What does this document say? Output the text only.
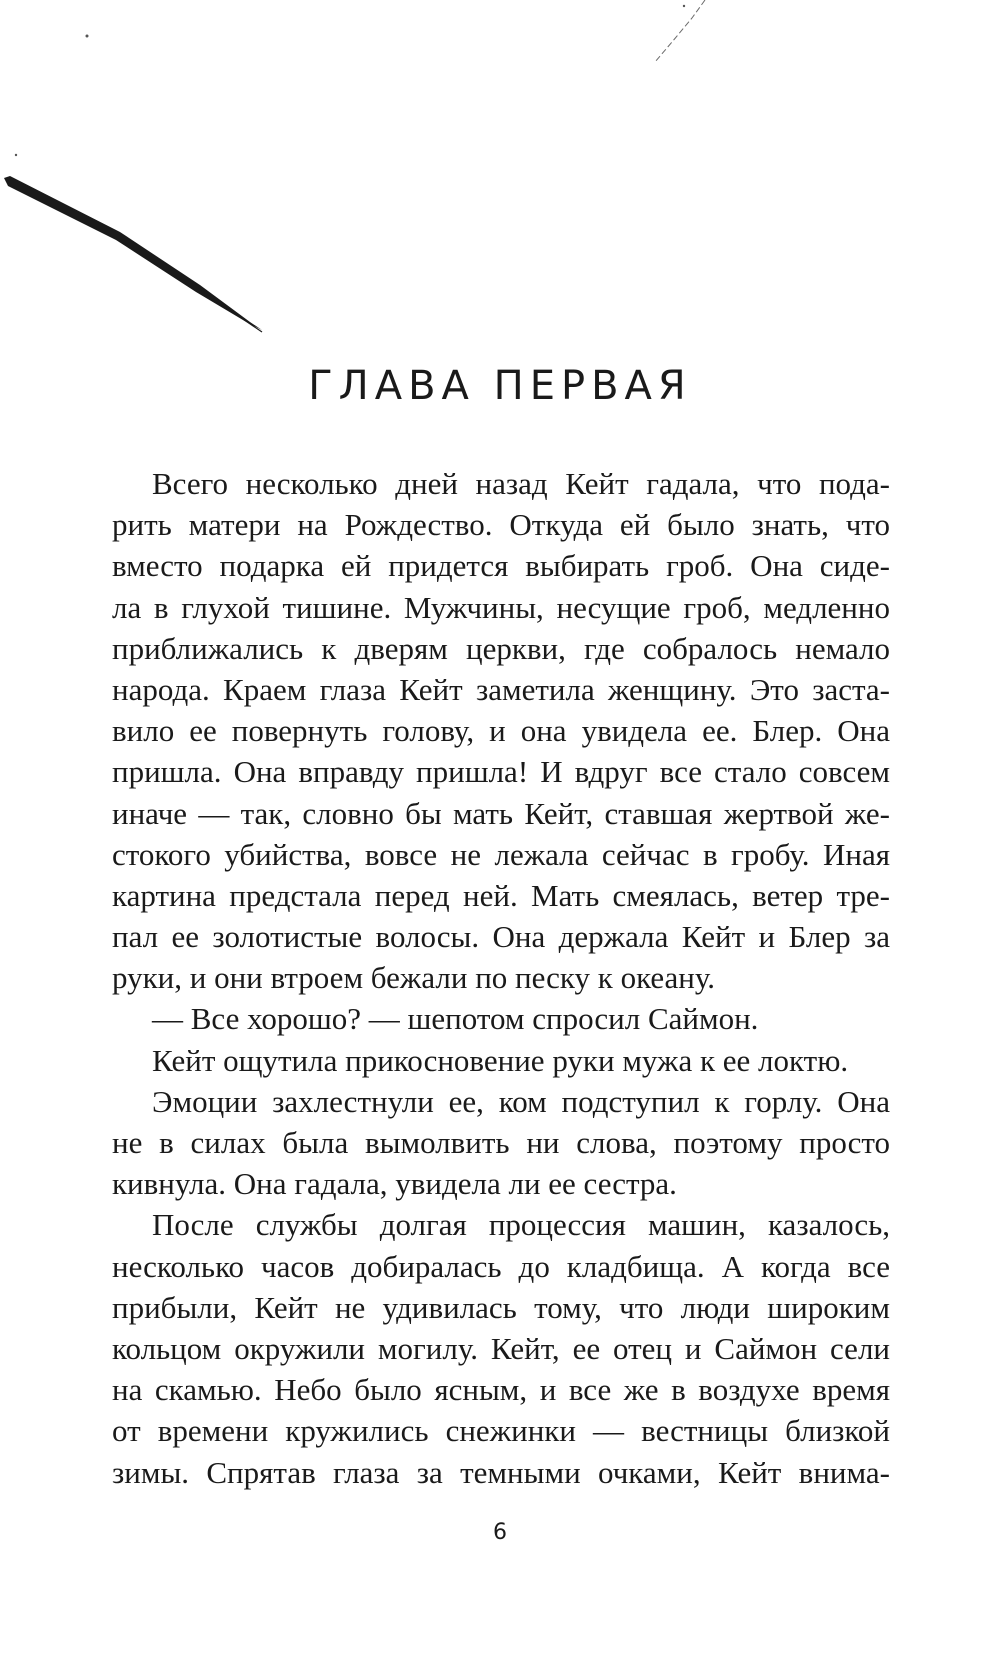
ГЛАВА ПЕРВАЯ
Всего несколько дней назад Кейт гадала, что пода-
рить матери на Рождество. Откуда ей было знать, что
вместо подарка ей придется выбирать гроб. Она сиде-
ла в глухой тишине. Мужчины, несущие гроб, медленно
приближались к дверям церкви, где собралось немало
народа. Краем глаза Кейт заметила женщину. Это заста-
вило ее повернуть голову, и она увидела ее. Блер. Она
пришла. Она вправду пришла! И вдруг все стало совсем
иначе — так, словно бы мать Кейт, ставшая жертвой же-
стокого убийства, вовсе не лежала сейчас в гробу. Иная
картина предстала перед ней. Мать смеялась, ветер тре-
пал ее золотистые волосы. Она держала Кейт и Блер за
руки, и они втроем бежали по песку к океану.
— Все хорошо? — шепотом спросил Саймон.
Кейт ощутила прикосновение руки мужа к ее локтю.
Эмоции захлестнули ее, ком подступил к горлу. Она
не в силах была вымолвить ни слова, поэтому просто
кивнула. Она гадала, увидела ли ее сестра.
После службы долгая процессия машин, казалось,
несколько часов добиралась до кладбища. А когда все
прибыли, Кейт не удивилась тому, что люди широким
кольцом окружили могилу. Кейт, ее отец и Саймон сели
на скамью. Небо было ясным, и все же в воздухе время
от времени кружились снежинки — вестницы близкой
зимы. Спрятав глаза за темными очками, Кейт внима-
6
